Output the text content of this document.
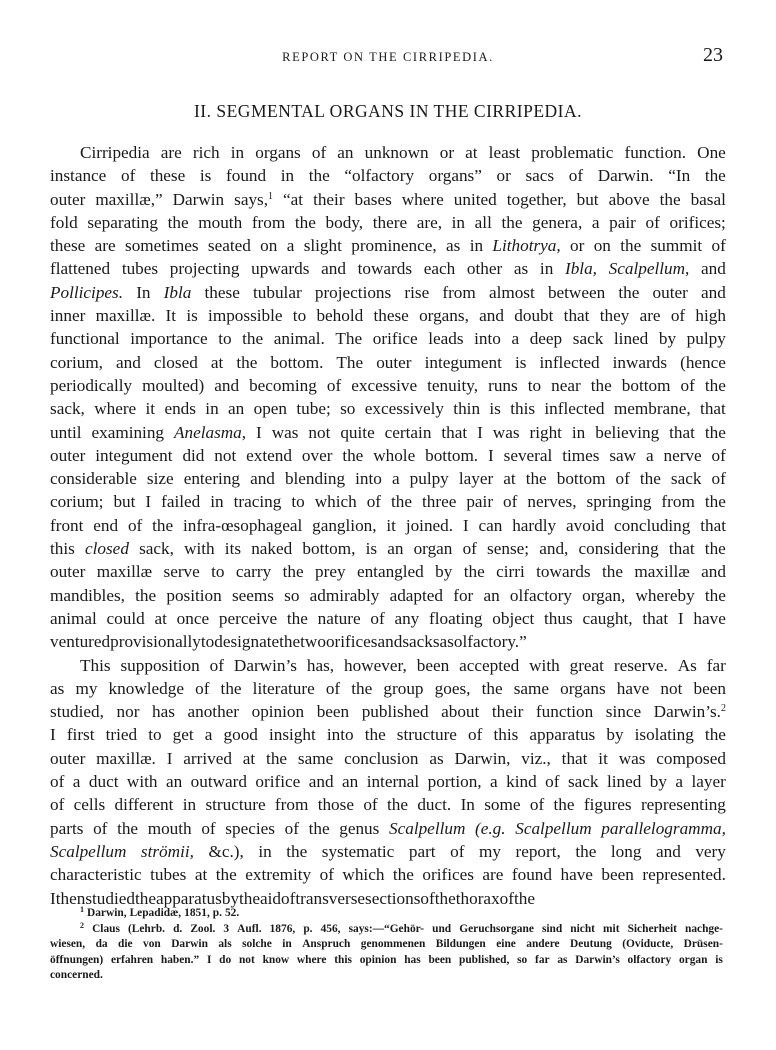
REPORT ON THE CIRRIPEDIA.	23
II. SEGMENTAL ORGANS IN THE CIRRIPEDIA.
Cirripedia are rich in organs of an unknown or at least problematic function. One
instance of these is found in the “olfactory organs” or sacs of Darwin. “In the
outer maxillæ,” Darwin says,$^1$ “at their bases where united together, but above the basal
fold separating the mouth from the body, there are, in all the genera, a pair of orifices;
these are sometimes seated on a slight prominence, as in Lithotrya, or on the summit of
flattened tubes projecting upwards and towards each other as in Ibla, Scalpellum, and
Pollicipes. In Ibla these tubular projections rise from almost between the outer and
inner maxillæ. It is impossible to behold these organs, and doubt that they are of high
functional importance to the animal. The orifice leads into a deep sack lined by pulpy
corium, and closed at the bottom. The outer integument is inflected inwards (hence
periodically moulted) and becoming of excessive tenuity, runs to near the bottom of the
sack, where it ends in an open tube; so excessively thin is this inflected membrane, that
until examining Anelasma, I was not quite certain that I was right in believing that the
outer integument did not extend over the whole bottom. I several times saw a nerve of
considerable size entering and blending into a pulpy layer at the bottom of the sack of
corium; but I failed in tracing to which of the three pair of nerves, springing from the
front end of the infra-œsophageal ganglion, it joined. I can hardly avoid concluding that
this closed sack, with its naked bottom, is an organ of sense; and, considering that the
outer maxillæ serve to carry the prey entangled by the cirri towards the maxillæ and
mandibles, the position seems so admirably adapted for an olfactory organ, whereby the
animal could at once perceive the nature of any floating object thus caught, that I have
ventured provisionally to designate the two orifices and sacks as olfactory.”
This supposition of Darwin’s has, however, been accepted with great reserve. As far
as my knowledge of the literature of the group goes, the same organs have not been
studied, nor has another opinion been published about their function since Darwin’s.$^2$
I first tried to get a good insight into the structure of this apparatus by isolating the
outer maxillæ. I arrived at the same conclusion as Darwin, viz., that it was composed
of a duct with an outward orifice and an internal portion, a kind of sack lined by a layer
of cells different in structure from those of the duct. In some of the figures representing
parts of the mouth of species of the genus Scalpellum (e.g. Scalpellum parallelogramma,
Scalpellum strömii, &c.), in the systematic part of my report, the long and very
characteristic tubes at the extremity of which the orifices are found have been represented.
I then studied the apparatus by the aid of transverse sections of the thorax of the
$^1$ Darwin, Lepadidæ, 1851, p. 52.
$^2$ Claus (Lehrb. d. Zool. 3 Aufl. 1876, p. 456, says:—“Gehör- und Geruchsorgane sind nicht mit Sicherheit nachge-
wiesen, da die von Darwin als solche in Anspruch genommenen Bildungen eine andere Deutung (Oviducte, Drüsen-
öffnungen) erfahren haben.” I do not know where this opinion has been published, so far as Darwin’s olfactory organ is
concerned.
